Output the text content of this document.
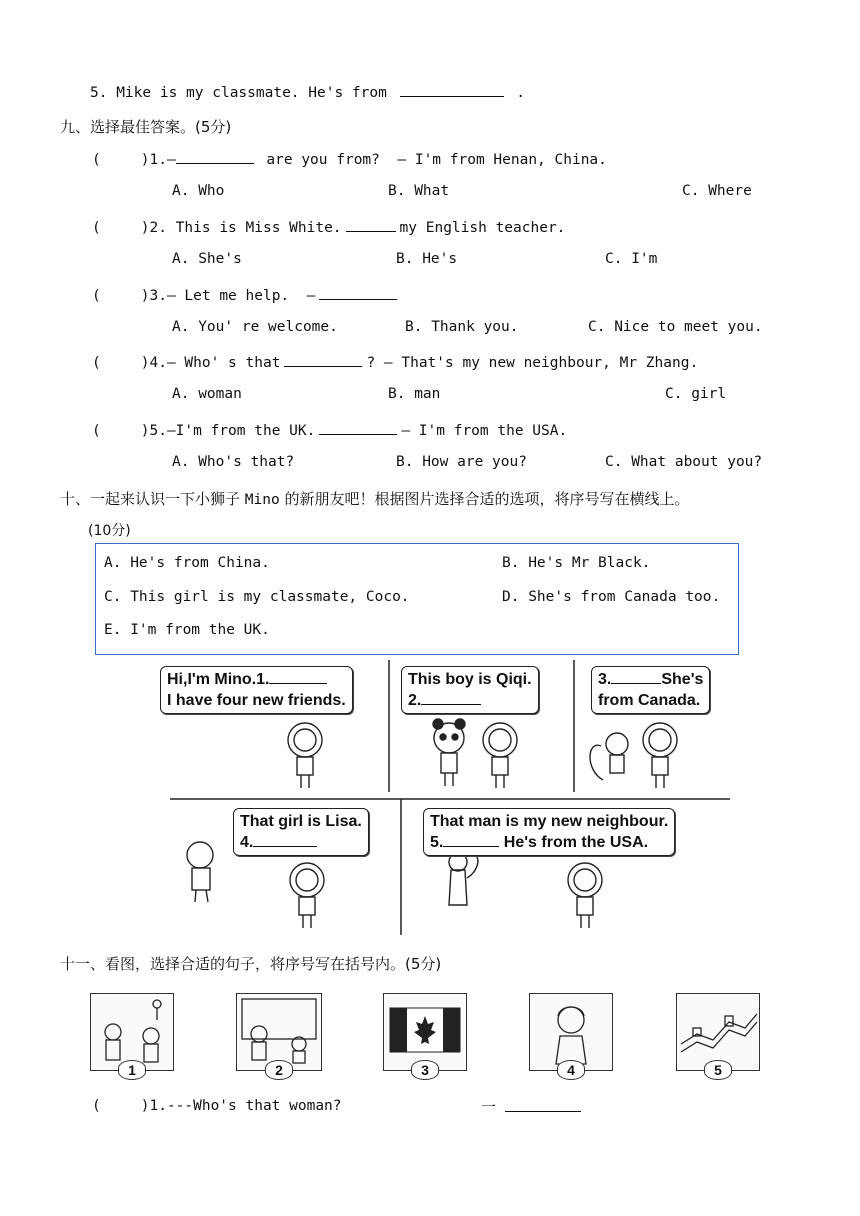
5. Mike is my classmate. He's from	.
九、选择最佳答案。(5分)
(	)1.—	are you from? — I'm from Henan, China.
A. Who	B. What	C. Where
(	)2. This is Miss White.	my English teacher.
A. She's	B. He's	C. I'm
(	)3.— Let me help. —
A. You' re welcome.	B. Thank you.	C. Nice to meet you.
(	)4.— Who' s that	? — That's my new neighbour, Mr Zhang.
A. woman	B. man	C. girl
(	)5.—I'm from the UK.	— I'm from the USA.
A. Who's that?	B. How are you?	C. What about you?
十、一起来认识一下小狮子 Mino 的新朋友吧！根据图片选择合适的选项，将序号写在横线上。
(10分)
A. He's from China.	B. He's Mr Black.
C. This girl is my classmate, Coco.	D. She's from Canada too.
E. I'm from the UK.
Hi,I'm Mino.1.
I have four new friends.
This boy is Qiqi.
2.
3.	She's
from Canada.
That girl is Lisa.
4.
That man is my new neighbour.
5.	He's from the USA.
十一、看图，选择合适的句子，将序号写在括号内。(5分)
1	2	3	4	5
(	)1.---Who's that woman?	一
